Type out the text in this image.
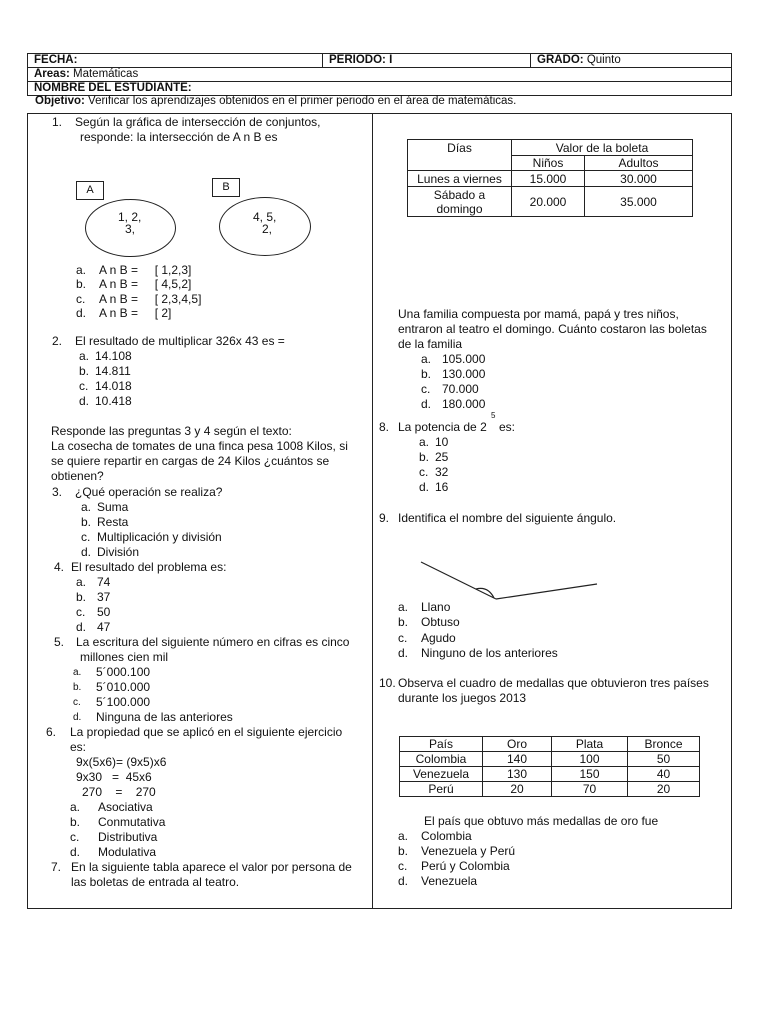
FECHA:	PERIODO: I	GRADO: Quinto
Areas: Matemáticas
NOMBRE DEL ESTUDIANTE:
Objetivo: Verificar los aprendizajes obtenidos en el primer periodo en el área de matemáticas.
1. Según la gráfica de intersección de conjuntos,
responde: la intersección de A n B es
A	B
1, 2,
3,
4, 5,
2,
a. A n B =     [ 1,2,3]
b. A n B =     [ 4,5,2]
c. A n B =     [ 2,3,4,5]
d. A n B =     [ 2]
2. El resultado de multiplicar 326x 43 es =
a. 14.108
b. 14.811
c. 14.018
d. 10.418
Responde las preguntas 3 y 4 según el texto:
La cosecha de tomates de una finca pesa 1008 Kilos, si
se quiere repartir en cargas de 24 Kilos ¿cuántos se
obtienen?
3. ¿Qué operación se realiza?
a. Suma
b. Resta
c. Multiplicación y división
d. División
4. El resultado del problema es:
a. 74
b. 37
c. 50
d. 47
5. La escritura del siguiente número en cifras es cinco
millones cien mil
a. 5´000.100
b. 5´010.000
c. 5´100.000
d. Ninguna de las anteriores
6. La propiedad que se aplicó en el siguiente ejercicio
es:
9x(5x6)= (9x5)x6
9x30   =  45x6
270    =    270
a. Asociativa
b. Conmutativa
c. Distributiva
d. Modulativa
7. En la siguiente tabla aparece el valor por persona de
las boletas de entrada al teatro.
Días	Valor de la boleta	
	Niños	Adultos
Lunes a viernes	15.000	30.000
Sábado a
domingo	20.000	35.000
Una familia compuesta por mamá, papá y tres niños,
entraron al teatro el domingo. Cuánto costaron las boletas
de la familia
a. 105.000
b. 130.000
c. 70.000
d. 180.000
8. La potencia de 2
5
es:
a. 10
b. 25
c. 32
d. 16
9. Identifica el nombre del siguiente ángulo.
a. Llano
b. Obtuso
c. Agudo
d. Ninguno de los anteriores
10. Observa el cuadro de medallas que obtuvieron tres países
durante los juegos 2013
País	Oro	Plata	Bronce
Colombia	140	100	50
Venezuela	130	150	40
Perú	20	70	20
El país que obtuvo más medallas de oro fue
a. Colombia
b. Venezuela y Perú
c. Perú y Colombia
d. Venezuela
